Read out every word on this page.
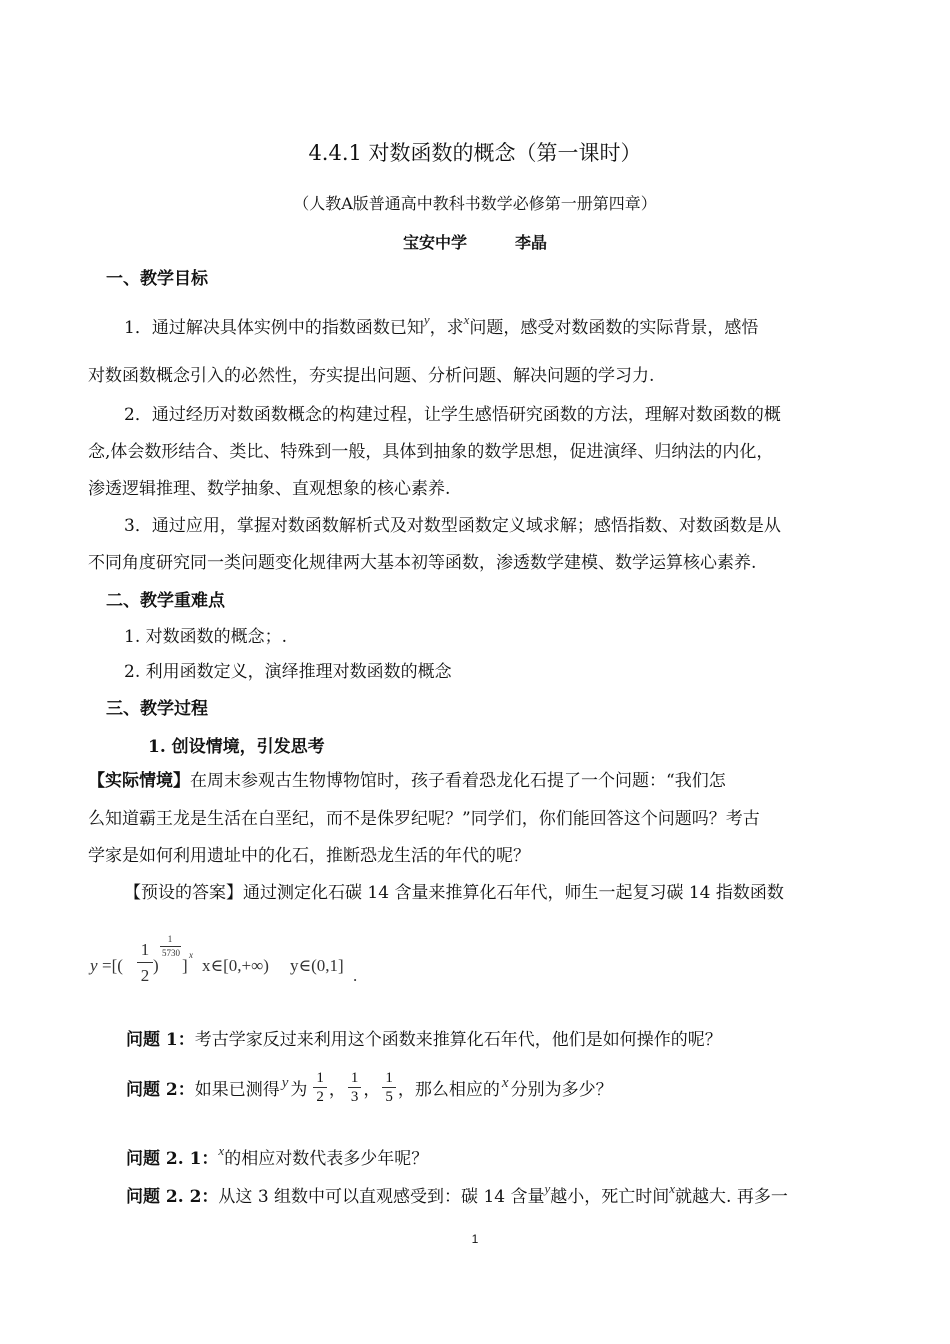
4.4.1 对数函数的概念（第一课时）
（人教A版普通高中教科书数学必修第一册第四章）
宝安中学	李晶
一、教学目标
1．通过解决具体实例中的指数函数已知$^y$，求$^x$问题，感受对数函数的实际背景，感悟
对数函数概念引入的必然性，夯实提出问题、分析问题、解决问题的学习力.
2．通过经历对数函数概念的构建过程，让学生感悟研究函数的方法，理解对数函数的概
念,体会数形结合、类比、特殊到一般，具体到抽象的数学思想，促进演绎、归纳法的内化，
渗透逻辑推理、数学抽象、直观想象的核心素养.
3．通过应用，掌握对数函数解析式及对数型函数定义域求解；感悟指数、对数函数是从
不同角度研究同一类问题变化规律两大基本初等函数，渗透数学建模、数学运算核心素养.
二、教学重难点
1. 对数函数的概念；.
2. 利用函数定义，演绎推理对数函数的概念
三、教学过程
1. 创设情境，引发思考
【实际情境】在周末参观古生物博物馆时，孩子看着恐龙化石提了一个问题：“我们怎
么知道霸王龙是生活在白垩纪，而不是侏罗纪呢？”同学们，你们能回答这个问题吗？考古
学家是如何利用遗址中的化石，推断恐龙生活的年代的呢？
【预设的答案】通过测定化石碳 14 含量来推算化石年代，师生一起复习碳 14 指数函数
y =[(
1
2
)
1
5730
]
x
x∈[0,+∞) y∈(0,1]
.
问题 1：考古学家反过来利用这个函数来推算化石年代，他们是如何操作的呢？
问题 2： 如果已测得 y 为 $\frac{1}{2}$ ， $\frac{1}{3}$ ， $\frac{1}{5}$ ，那么相应的 x 分别为多少？
问题 2. 1：$^x$的相应对数代表多少年呢？
问题 2. 2：从这 3 组数中可以直观感受到：碳 14 含量$^y$越小，死亡时间$^x$就越大. 再多一
1
